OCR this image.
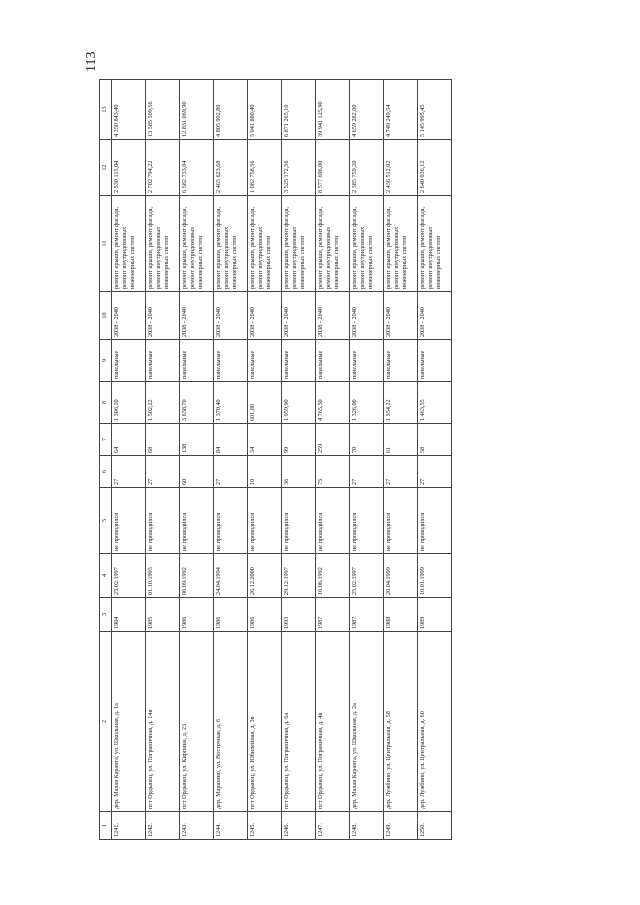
113
1	2	3	4	5	6	7	8	9	10	11	12	13
1241.	дер. Малая Каранга, ул. Школьная, д. 1а	1984	25.02.1997	не проводился	27	64	1 306,20	панельные	2038 - 2040	ремонт крыши, ремонт фасада, ремонт внутридомовых инженерных систем	2 530 115,04	4 350 843,40
1242.	пгт Ордынец, ул. Пограничная, д. 14в	1985	01.10.1993	не проводился	27	68	1 502,22	панельные	2038 - 2040	ремонт крыши, ремонт фасада, ремонт внутридомовых инженерных систем	2 702 794,22	13 585 509,56
1243.	пгт Ордынец, ул. Кирпина, д. 23	1986	06.09.1992	не проводился	60	138	3 638,70	панельные	2038 - 2040	ремонт крыши, ремонт фасада, ремонт внутридомовых инженерных систем	6 582 733,04	12 831 069,90
1244.	дер. Маршино, ул. Восточная, д. 6	1986	24.04.1994	не проводился	27	84	1 370,40	панельные	2038 - 2040	ремонт крыши, ремонт фасада, ремонт внутридомовых инженерных систем	2 465 623,68	4 805 992,80
1245.	пгт Ордынец, ул. Юбилейная, д. 3в	1986	26.12.2000	не проводился	10	34	601,80	панельные	2038 - 2040	ремонт крыши, ремонт фасада, ремонт внутридомовых инженерных систем	1 082 758,56	5 041 880,40
1246.	пгт Ордынец, ул. Пограничная, д. 6а	1993	29.12.1997	не проводился	36	99	1 959,90	панельные	2038 - 2040	ремонт крыши, ремонт фасада, ремонт внутридомовых инженерных систем	3 525 172,56	6 871 265,10
1247.	пгт Ордынец, ул. Пограничная, д. 4в	1987	16.06.1992	не проводился	75	259	4 765,50	панельные	2038 - 2040	ремонт крыши, ремонт фасада, ремонт внутридомовых инженерных систем	8 577 696,00	39 941 125,90
1248.	дер. Малая Каранга, ул. Школьная, д. 2а	1987	25.02.1997	не проводился	27	70	1 326,00	панельные	2038 - 2040	ремонт крыши, ремонт фасада, ремонт внутридомовых инженерных систем	2 385 759,20	4 659 282,00
1249.	дер. Лужбино, ул. Центральная, д. 58	1988	20.04.1999	не проводился	27	61	1 354,22	панельные	2038 - 2040	ремонт крыши, ремонт фасада, ремонт внутридомовых инженерных систем	2 436 512,02	4 749 249,54
1250.	дер. Лужбино, ул. Центральная, д. 60	1989	10.01.1999	не проводился	27	58	1 463,55	панельные	2038 - 2040	ремонт крыши, ремонт фасада, ремонт внутридомовых инженерных систем	2 640 036,12	5 145 995,45
